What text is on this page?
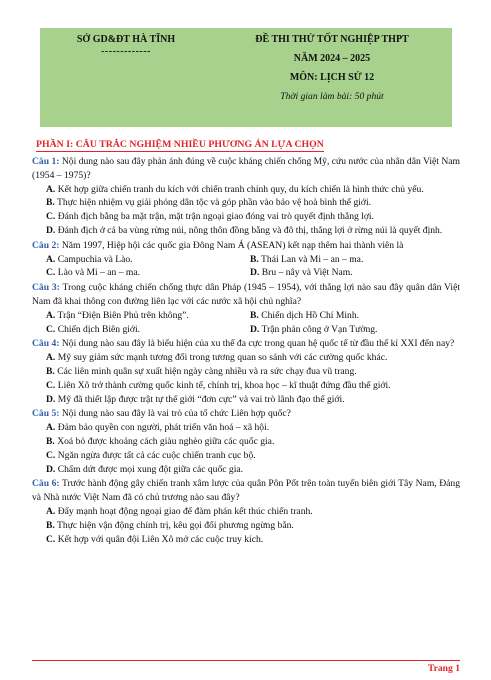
SỞ GD&ĐT HÀ TĨNH
-------------
ĐỀ THI THỬ TỐT NGHIỆP THPT
NĂM 2024 – 2025
MÔN: LỊCH SỬ 12
Thời gian làm bài: 50 phút
PHẦN I: CÂU TRẮC NGHIỆM NHIỀU PHƯƠNG ÁN LỰA CHỌN
Câu 1: Nội dung nào sau đây phản ánh đúng về cuộc kháng chiến chống Mỹ, cứu nước của nhân dân Việt Nam (1954 – 1975)?
A. Kết hợp giữa chiến tranh du kích với chiến tranh chính quy, du kích chiến là hình thức chủ yếu.
B. Thực hiện nhiệm vụ giải phóng dân tộc và góp phần vào bảo vệ hoà bình thế giới.
C. Đánh địch bằng ba mặt trận, mặt trận ngoại giao đóng vai trò quyết định thắng lợi.
D. Đánh địch ở cả ba vùng rừng núi, nông thôn đồng bằng và đô thị, thắng lợi ở rừng núi là quyết định.
Câu 2: Năm 1997, Hiệp hội các quốc gia Đông Nam Á (ASEAN) kết nạp thêm hai thành viên là
A. Campuchia và Lào.	B. Thái Lan và Mi – an – ma.
C. Lào và Mi – an – ma.	D. Bru – nây và Việt Nam.
Câu 3: Trong cuộc kháng chiến chống thực dân Pháp (1945 – 1954), với thắng lợi nào sau đây quân dân Việt Nam đã khai thông con đường liên lạc với các nước xã hội chủ nghĩa?
A. Trận “Điện Biên Phủ trên không”.	B. Chiến dịch Hồ Chí Minh.
C. Chiến dịch Biên giới.	D. Trận phản công ở Vạn Tường.
Câu 4: Nội dung nào sau đây là biểu hiện của xu thế đa cực trong quan hệ quốc tế từ đầu thế kỉ XXI đến nay?
A. Mỹ suy giảm sức mạnh tương đối trong tương quan so sánh với các cường quốc khác.
B. Các liên minh quân sự xuất hiện ngày càng nhiều và ra sức chạy đua vũ trang.
C. Liên Xô trở thành cường quốc kinh tế, chính trị, khoa học – kĩ thuật đứng đầu thế giới.
D. Mỹ đã thiết lập được trật tự thế giới “đơn cực” và vai trò lãnh đạo thế giới.
Câu 5: Nội dung nào sau đây là vai trò của tổ chức Liên hợp quốc?
A. Đảm bảo quyền con người, phát triển văn hoá – xã hội.
B. Xoá bỏ được khoảng cách giàu nghèo giữa các quốc gia.
C. Ngăn ngừa được tất cả các cuộc chiến tranh cục bộ.
D. Chấm dứt được mọi xung đột giữa các quốc gia.
Câu 6: Trước hành động gây chiến tranh xâm lược của quân Pôn Pốt trên toàn tuyến biên giới Tây Nam, Đảng và Nhà nước Việt Nam đã có chủ trương nào sau đây?
A. Đẩy mạnh hoạt động ngoại giao để đàm phán kết thúc chiến tranh.
B. Thực hiện vận động chính trị, kêu gọi đối phương ngừng bắn.
C. Kết hợp với quân đội Liên Xô mở các cuộc truy kích.
Trang 1
